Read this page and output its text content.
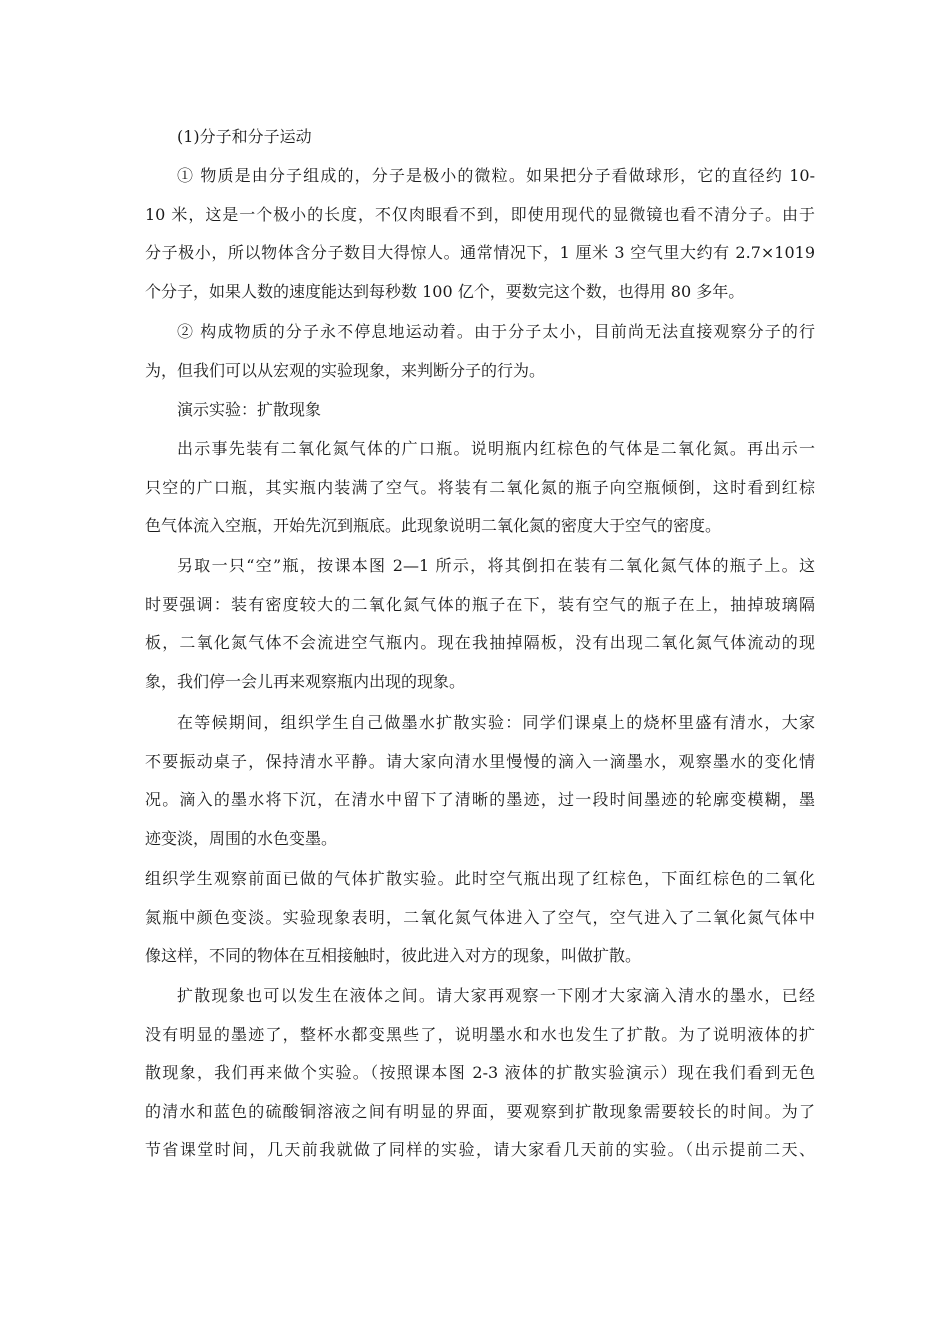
(1)分子和分子运动
① 物质是由分子组成的，分子是极小的微粒。如果把分子看做球形，它的直径约 10-
10 米，这是一个极小的长度，不仅肉眼看不到，即使用现代的显微镜也看不清分子。由于
分子极小，所以物体含分子数目大得惊人。通常情况下，1 厘米 3 空气里大约有 2.7×1019
个分子，如果人数的速度能达到每秒数 100 亿个，要数完这个数，也得用 80 多年。
② 构成物质的分子永不停息地运动着。由于分子太小，目前尚无法直接观察分子的行
为，但我们可以从宏观的实验现象，来判断分子的行为。
演示实验：扩散现象
出示事先装有二氧化氮气体的广口瓶。说明瓶内红棕色的气体是二氧化氮。再出示一
只空的广口瓶，其实瓶内装满了空气。将装有二氧化氮的瓶子向空瓶倾倒，这时看到红棕
色气体流入空瓶，开始先沉到瓶底。此现象说明二氧化氮的密度大于空气的密度。
另取一只“空”瓶，按课本图 2—1 所示，将其倒扣在装有二氧化氮气体的瓶子上。这
时要强调：装有密度较大的二氧化氮气体的瓶子在下，装有空气的瓶子在上，抽掉玻璃隔
板，二氧化氮气体不会流进空气瓶内。现在我抽掉隔板，没有出现二氧化氮气体流动的现
象，我们停一会儿再来观察瓶内出现的现象。
在等候期间，组织学生自己做墨水扩散实验：同学们课桌上的烧杯里盛有清水，大家
不要振动桌子，保持清水平静。请大家向清水里慢慢的滴入一滴墨水，观察墨水的变化情
况。滴入的墨水将下沉，在清水中留下了清晰的墨迹，过一段时间墨迹的轮廓变模糊，墨
迹变淡，周围的水色变墨。
组织学生观察前面已做的气体扩散实验。此时空气瓶出现了红棕色，下面红棕色的二氧化
氮瓶中颜色变淡。实验现象表明，二氧化氮气体进入了空气，空气进入了二氧化氮气体中
像这样，不同的物体在互相接触时，彼此进入对方的现象，叫做扩散。
扩散现象也可以发生在液体之间。请大家再观察一下刚才大家滴入清水的墨水，已经
没有明显的墨迹了，整杯水都变黑些了，说明墨水和水也发生了扩散。为了说明液体的扩
散现象，我们再来做个实验。（按照课本图 2-3 液体的扩散实验演示）现在我们看到无色
的清水和蓝色的硫酸铜溶液之间有明显的界面，要观察到扩散现象需要较长的时间。为了
节省课堂时间，几天前我就做了同样的实验，请大家看几天前的实验。（出示提前二天、
